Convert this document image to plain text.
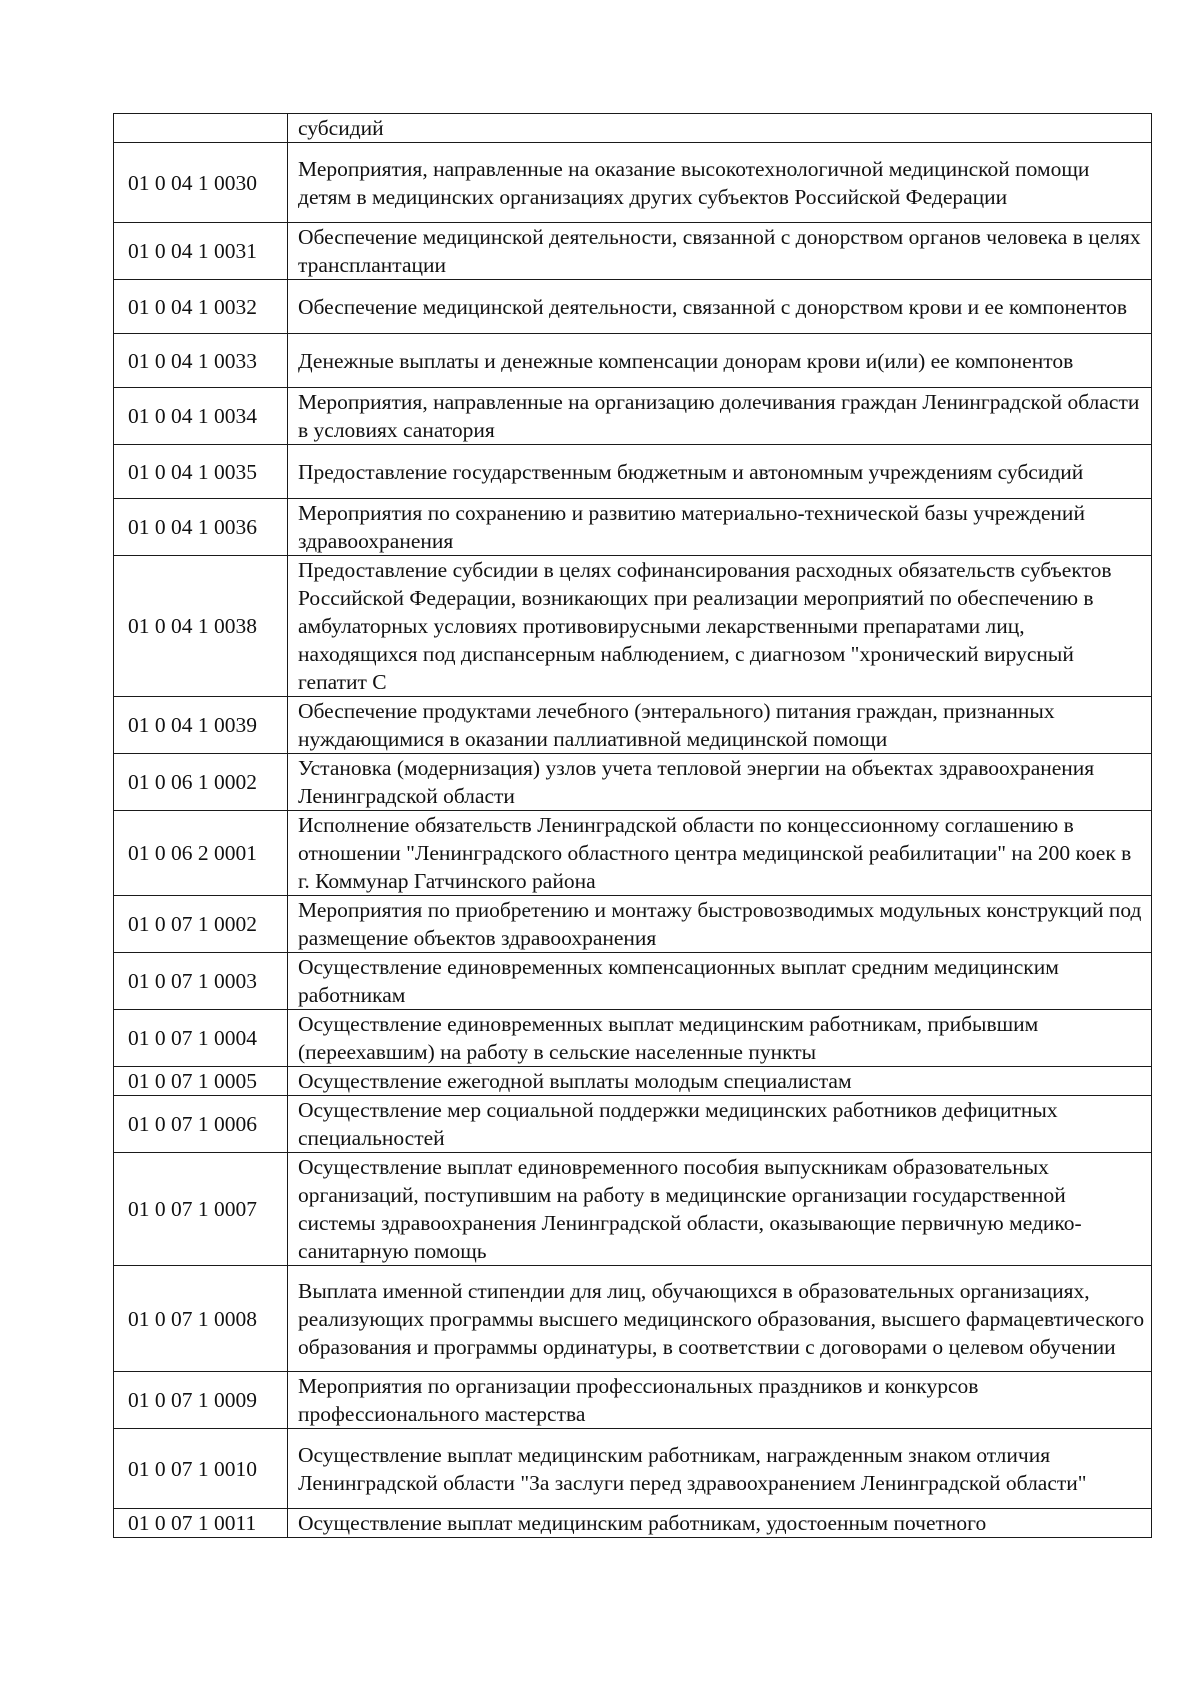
	субсидий
01 0 04 1 0030	Мероприятия, направленные на оказание высокотехнологичной медицинской помощи детям в медицинских организациях других субъектов Российской Федерации
01 0 04 1 0031	Обеспечение медицинской деятельности, связанной с донорством органов человека в целях трансплантации
01 0 04 1 0032	Обеспечение медицинской деятельности, связанной с донорством крови и ее компонентов
01 0 04 1 0033	Денежные выплаты и денежные компенсации донорам крови и(или) ее компонентов
01 0 04 1 0034	Мероприятия, направленные на организацию долечивания граждан Ленинградской области в условиях санатория
01 0 04 1 0035	Предоставление государственным бюджетным и автономным учреждениям субсидий
01 0 04 1 0036	Мероприятия по сохранению и развитию материально-технической базы учреждений здравоохранения
01 0 04 1 0038	Предоставление субсидии в целях софинансирования расходных обязательств субъектов Российской Федерации, возникающих при реализации мероприятий по обеспечению в амбулаторных условиях противовирусными лекарственными препаратами лиц, находящихся под диспансерным наблюдением, с диагнозом "хронический вирусный гепатит С
01 0 04 1 0039	Обеспечение продуктами лечебного (энтерального) питания граждан, признанных нуждающимися в оказании паллиативной медицинской помощи
01 0 06 1 0002	Установка (модернизация) узлов учета тепловой энергии на объектах здравоохранения Ленинградской области
01 0 06 2 0001	Исполнение обязательств Ленинградской области по концессионному соглашению в отношении "Ленинградского областного центра медицинской реабилитации" на 200 коек в г. Коммунар Гатчинского района
01 0 07 1 0002	Мероприятия по приобретению и монтажу быстровозводимых модульных конструкций под размещение объектов здравоохранения
01 0 07 1 0003	Осуществление единовременных компенсационных выплат средним медицинским работникам
01 0 07 1 0004	Осуществление единовременных выплат медицинским работникам, прибывшим (переехавшим) на работу в сельские населенные пункты
01 0 07 1 0005	Осуществление ежегодной выплаты молодым специалистам
01 0 07 1 0006	Осуществление мер социальной поддержки медицинских работников дефицитных специальностей
01 0 07 1 0007	Осуществление выплат единовременного пособия выпускникам образовательных организаций, поступившим на работу в медицинские организации государственной системы здравоохранения Ленинградской области, оказывающие первичную медико-санитарную помощь
01 0 07 1 0008	Выплата именной стипендии для лиц, обучающихся в образовательных организациях, реализующих программы высшего медицинского образования, высшего фармацевтического образования и программы ординатуры, в соответствии с договорами о целевом обучении
01 0 07 1 0009	Мероприятия по организации профессиональных праздников и конкурсов профессионального мастерства
01 0 07 1 0010	Осуществление выплат медицинским работникам, награжденным знаком отличия Ленинградской области "За заслуги перед здравоохранением Ленинградской области"
01 0 07 1 0011	Осуществление выплат медицинским работникам, удостоенным почетного
